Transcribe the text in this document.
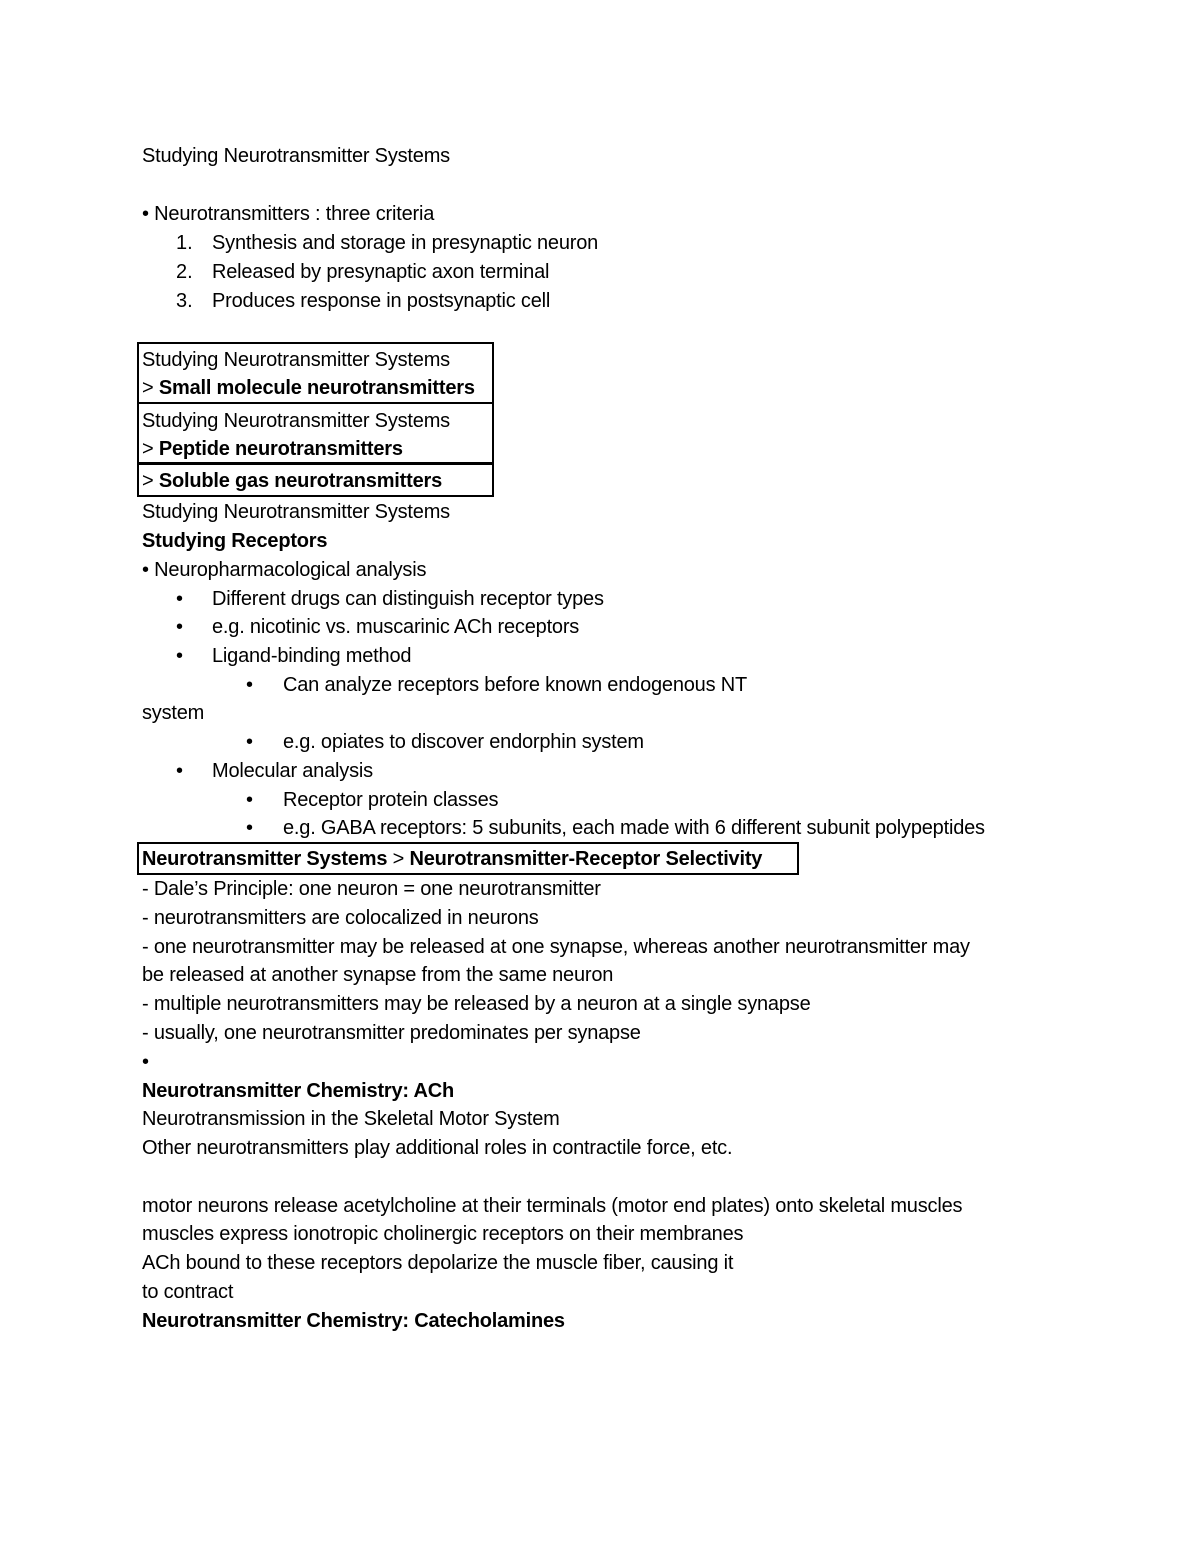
Studying Neurotransmitter Systems
• Neurotransmitters : three criteria
1. Synthesis and storage in presynaptic neuron
2. Released by presynaptic axon terminal
3. Produces response in postsynaptic cell
Studying Neurotransmitter Systems
> Small molecule neurotransmitters
Studying Neurotransmitter Systems
> Peptide neurotransmitters
> Soluble gas neurotransmitters
Studying Neurotransmitter Systems
Studying Receptors
• Neuropharmacological analysis
• Different drugs can distinguish receptor types
• e.g. nicotinic vs. muscarinic ACh receptors
• Ligand-binding method
• Can analyze receptors before known endogenous NT
system
• e.g. opiates to discover endorphin system
• Molecular analysis
• Receptor protein classes
• e.g. GABA receptors: 5 subunits, each made with 6 different subunit polypeptides
Neurotransmitter Systems > Neurotransmitter-Receptor Selectivity
- Dale’s Principle: one neuron = one neurotransmitter
- neurotransmitters are colocalized in neurons
- one neurotransmitter may be released at one synapse, whereas another neurotransmitter may
be released at another synapse from the same neuron
- multiple neurotransmitters may be released by a neuron at a single synapse
- usually, one neurotransmitter predominates per synapse
•
Neurotransmitter Chemistry: ACh
Neurotransmission in the Skeletal Motor System
Other neurotransmitters play additional roles in contractile force, etc.
motor neurons release acetylcholine at their terminals (motor end plates) onto skeletal muscles
muscles express ionotropic cholinergic receptors on their membranes
ACh bound to these receptors depolarize the muscle fiber, causing it
to contract
Neurotransmitter Chemistry: Catecholamines
